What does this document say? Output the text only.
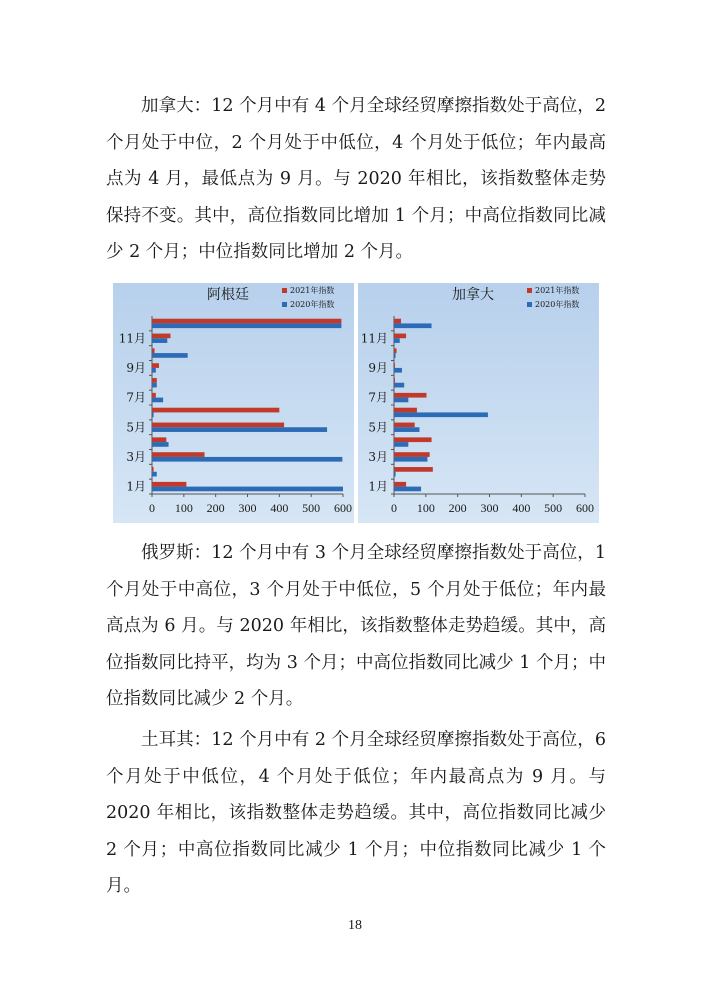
加拿大：12 个月中有 4 个月全球经贸摩擦指数处于高位，2 个月处于中位，2 个月处于中低位，4 个月处于低位；年内最高点为 4 月，最低点为 9 月。与 2020 年相比，该指数整体走势保持不变。其中，高位指数同比增加 1 个月；中高位指数同比减少 2 个月；中位指数同比增加 2 个月。

阿根廷	2021年指数
2020年指数
0 100 200 300 400 500 600
1月
3月
5月
7月
9月
11月
加拿大	2021年指数
2020年指数
0 100 200 300 400 500 600
1月
3月
5月
7月
9月
11月

俄罗斯：12 个月中有 3 个月全球经贸摩擦指数处于高位，1 个月处于中高位，3 个月处于中低位，5 个月处于低位；年内最高点为 6 月。与 2020 年相比，该指数整体走势趋缓。其中，高位指数同比持平，均为 3 个月；中高位指数同比减少 1 个月；中位指数同比减少 2 个月。

土耳其：12 个月中有 2 个月全球经贸摩擦指数处于高位，6 个月处于中低位，4 个月处于低位；年内最高点为 9 月。与 2020 年相比，该指数整体走势趋缓。其中，高位指数同比减少 2 个月；中高位指数同比减少 1 个月；中位指数同比减少 1 个月。

18
